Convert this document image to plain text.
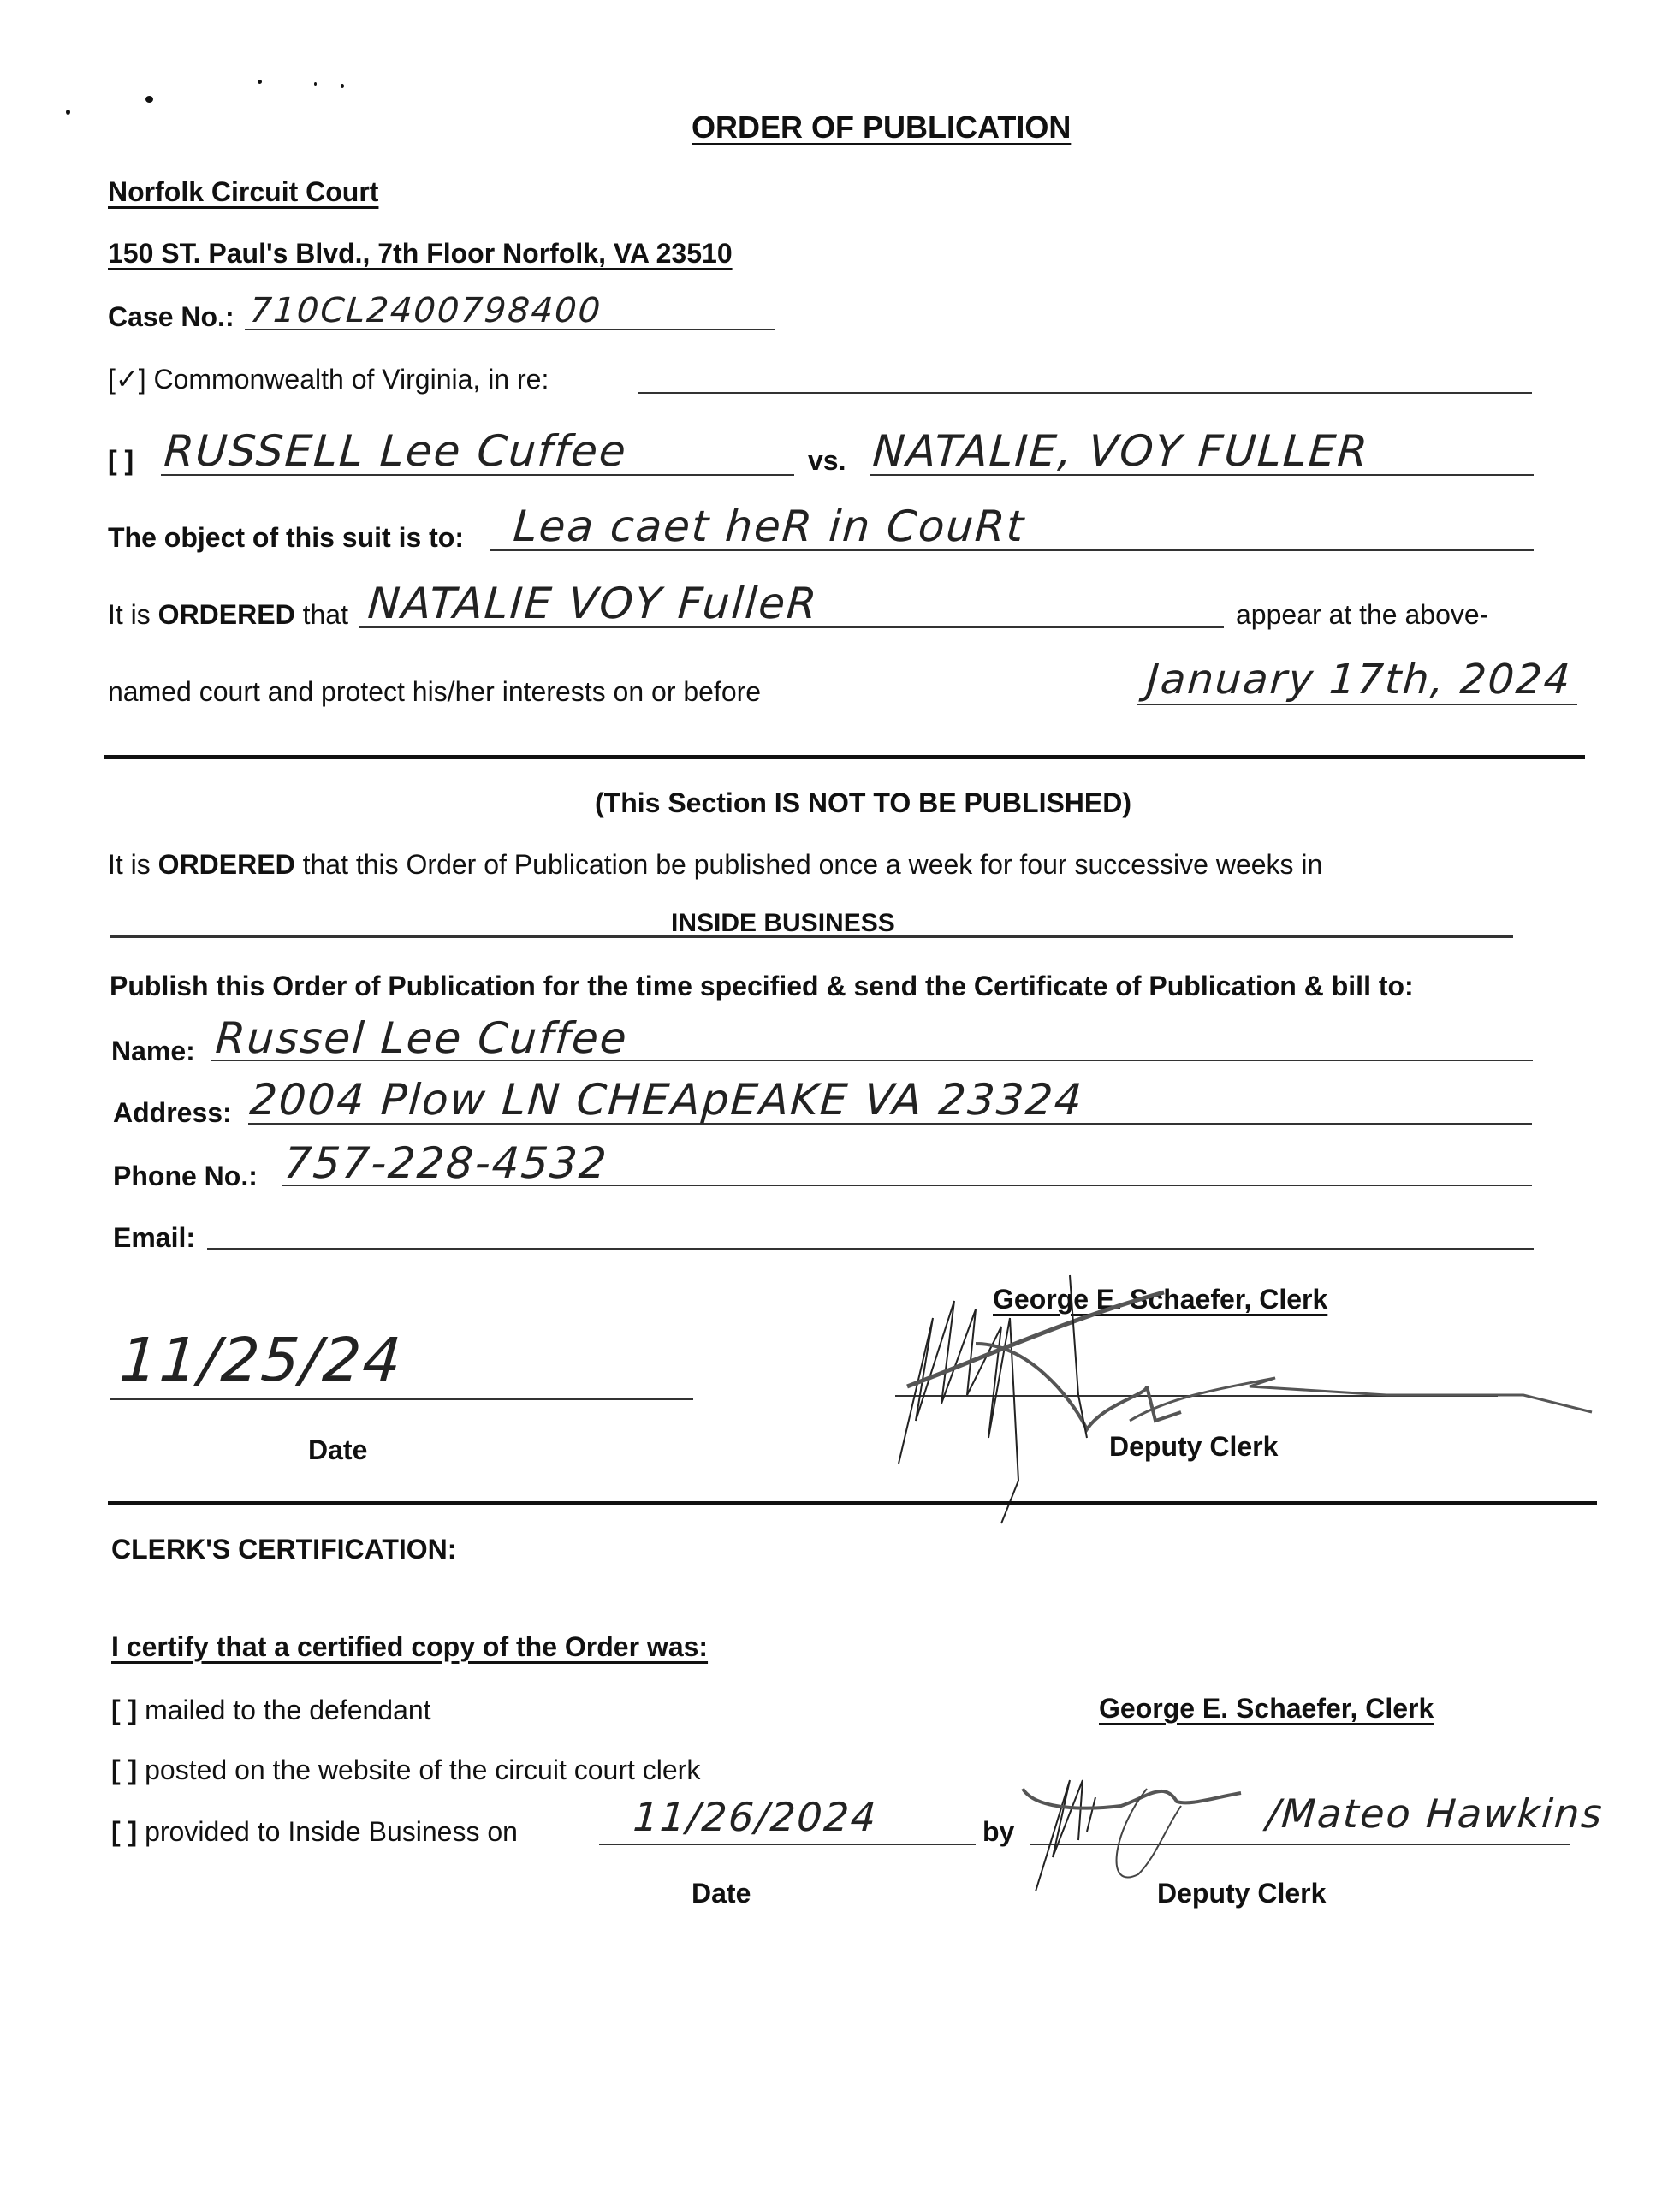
ORDER OF PUBLICATION
Norfolk Circuit Court
150 ST. Paul's Blvd., 7th Floor Norfolk, VA 23510
Case No.: 710CL2400798400
[✓] Commonwealth of Virginia, in re:
[ ] RUSSELL Lee Cuffee	vs. NATALIE, VOY FULLER
The object of this suit is to: Lea caet heR in CouRt
It is ORDERED that NATALIE VOY FulleR	appear at the above-
named court and protect his/her interests on or before	January 17th, 2024
(This Section IS NOT TO BE PUBLISHED)
It is ORDERED that this Order of Publication be published once a week for four successive weeks in
INSIDE BUSINESS
Publish this Order of Publication for the time specified & send the Certificate of Publication & bill to:
Name: Russel Lee Cuffee
Address: 2004 Plow LN CHEApEAKE VA 23324
Phone No.: 757-228-4532
Email:
George E. Schaefer, Clerk
11/25/24
Date	Deputy Clerk
CLERK'S CERTIFICATION:
I certify that a certified copy of the Order was:
[ ] mailed to the defendant	George E. Schaefer, Clerk
[ ] posted on the website of the circuit court clerk
[ ] provided to Inside Business on	11/26/2024	by	/Mateo Hawkins
Date	Deputy Clerk
